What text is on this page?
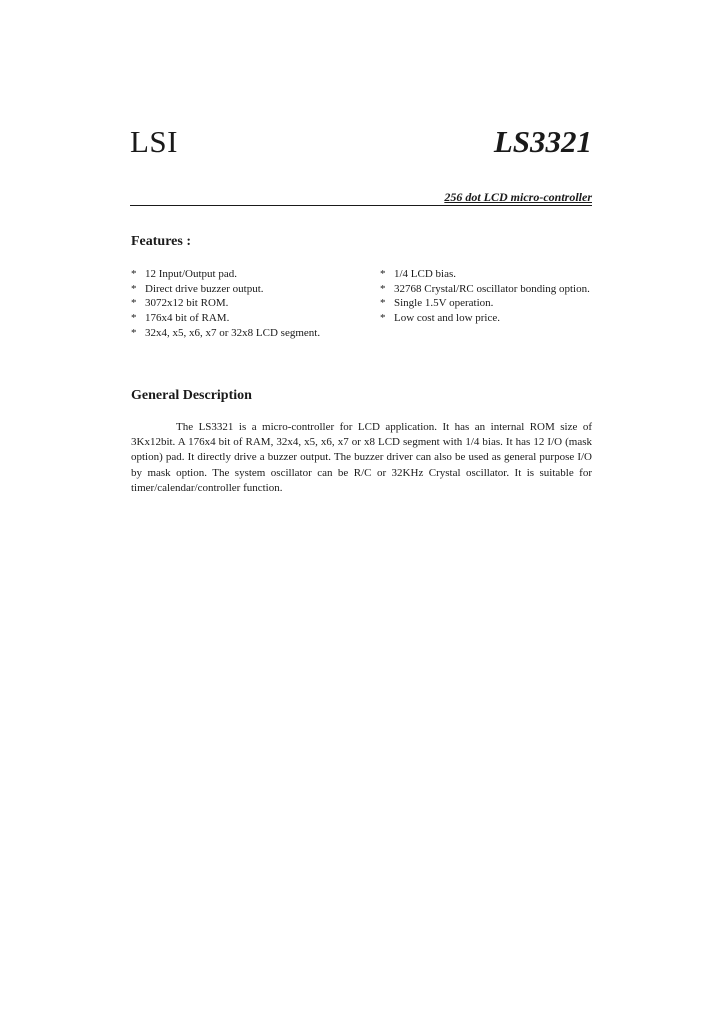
LSI	LS3321
256 dot LCD micro-controller
Features :
* 12 Input/Output pad.
* Direct drive buzzer output.
* 3072x12 bit ROM.
* 176x4 bit of RAM.
* 32x4, x5, x6, x7 or 32x8 LCD segment.
* 1/4 LCD bias.
* 32768 Crystal/RC oscillator bonding option.
* Single 1.5V operation.
* Low cost and low price.
General Description

The LS3321 is a micro-controller for LCD application. It has an internal ROM size of 3Kx12bit. A 176x4 bit of RAM, 32x4, x5, x6, x7 or x8 LCD segment with 1/4 bias. It has 12 I/O (mask option) pad. It directly drive a buzzer output. The buzzer driver can also be used as general purpose I/O by mask option. The system oscillator can be R/C or 32KHz Crystal oscillator. It is suitable for timer/calendar/controller function.
